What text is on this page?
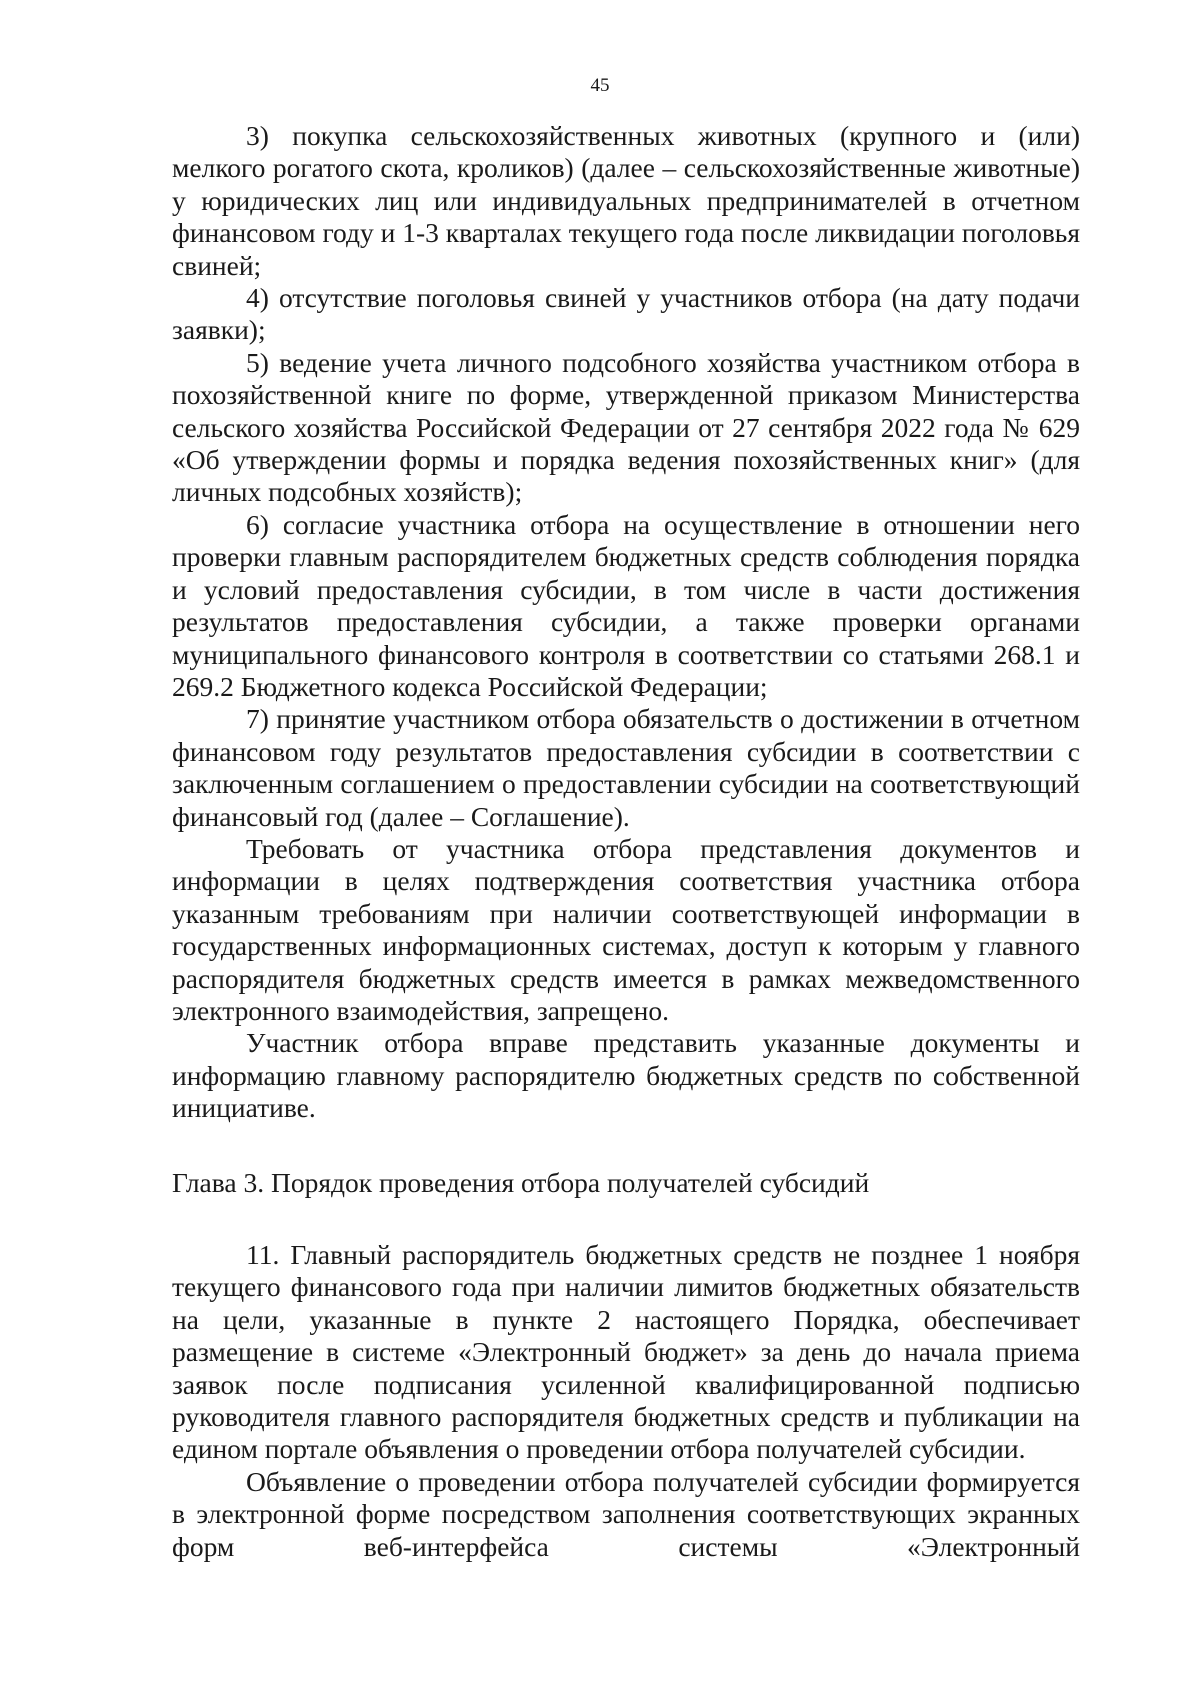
45

3) покупка сельскохозяйственных животных (крупного и (или) мелкого рогатого скота, кроликов) (далее – сельскохозяйственные животные) у юридических лиц или индивидуальных предпринимателей в отчетном финансовом году и 1-3 кварталах текущего года после ликвидации поголовья свиней;

4) отсутствие поголовья свиней у участников отбора (на дату подачи заявки);

5) ведение учета личного подсобного хозяйства участником отбора в похозяйственной книге по форме, утвержденной приказом Министерства сельского хозяйства Российской Федерации от 27 сентября 2022 года № 629 «Об утверждении формы и порядка ведения похозяйственных книг» (для личных подсобных хозяйств);

6) согласие участника отбора на осуществление в отношении него проверки главным распорядителем бюджетных средств соблюдения порядка и условий предоставления субсидии, в том числе в части достижения результатов предоставления субсидии, а также проверки органами муниципального финансового контроля в соответствии со статьями 268.1 и 269.2 Бюджетного кодекса Российской Федерации;

7) принятие участником отбора обязательств о достижении в отчетном финансовом году результатов предоставления субсидии в соответствии с заключенным соглашением о предоставлении субсидии на соответствующий финансовый год (далее – Соглашение).

Требовать от участника отбора представления документов и информации в целях подтверждения соответствия участника отбора указанным требованиям при наличии соответствующей информации в государственных информационных системах, доступ к которым у главного распорядителя бюджетных средств имеется в рамках межведомственного электронного взаимодействия, запрещено.

Участник отбора вправе представить указанные документы и информацию главному распорядителю бюджетных средств по собственной инициативе.

Глава 3. Порядок проведения отбора получателей субсидий

11. Главный распорядитель бюджетных средств не позднее 1 ноября текущего финансового года при наличии лимитов бюджетных обязательств на цели, указанные в пункте 2 настоящего Порядка, обеспечивает размещение в системе «Электронный бюджет» за день до начала приема заявок после подписания усиленной квалифицированной подписью руководителя главного распорядителя бюджетных средств и публикации на едином портале объявления о проведении отбора получателей субсидии.

Объявление о проведении отбора получателей субсидии формируется в электронной форме посредством заполнения соответствующих экранных форм веб-интерфейса системы «Электронный
